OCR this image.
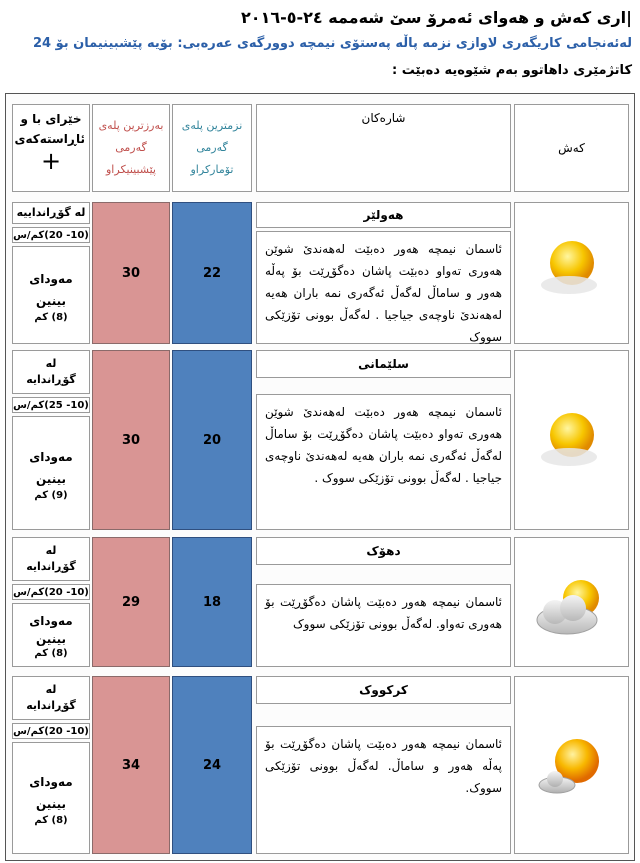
|اری کەش و هەوای ئەمرۆ سێ شەممە ٢٤-٥-٢٠١٦
لەئەنجامی کاریگەری لاوازی نزمە پاڵە پەستۆی نیمچە دوورگەی عەرەبی: بۆیە پێشبینیمان بۆ 24
کاتژمێری داهاتوو بەم شێوەیە دەبێت :
کەش
شارەکان
نزمترین پلەی گەرمی تۆمارکراو
بەرزترین پلەی گەرمی پێشبینیکراو
خێرای با و ئاڕاستەکەی
+
هەولێر
ئاسمان نیمچە هەور دەبێت لەهەندێ شوێن هەوری تەواو دەبێت پاشان دەگۆڕێت بۆ پەڵە هەور و ساماڵ لەگەڵ ئەگەری نمە باران هەیە لەهەندێ ناوچەی جیاجیا . لەگەڵ بوونی تۆزێکی سووک
22
30
لە گۆڕانداییە
(10- 20)کم/س
مەودای بینین
(8) کم
سلێمانی
ئاسمان نیمچە هەور دەبێت لەهەندێ شوێن هەوری تەواو دەبێت پاشان دەگۆڕێت بۆ ساماڵ لەگەڵ ئەگەری نمە باران هەیە لەهەندێ ناوچەی جیاجیا . لەگەڵ بوونی تۆزێکی سووک .
20
30
لە گۆڕاندایە
(10- 25)کم/س
مەودای بینین
(9) کم
دهۆک
ئاسمان نیمچە هەور دەبێت پاشان دەگۆڕێت بۆ هەوری تەواو. لەگەڵ بوونی تۆزێکی سووک
18
29
لە گۆڕاندایە
(10- 20)کم/س
مەودای بینین
(8) کم
کرکووک
ئاسمان نیمچە هەور دەبێت پاشان دەگۆڕێت بۆ پەڵە هەور و ساماڵ. لەگەڵ بوونی تۆزێکی سووک.
24
34
لە گۆڕاندایە
(10- 20)کم/س
مەودای بینین
(8) کم
